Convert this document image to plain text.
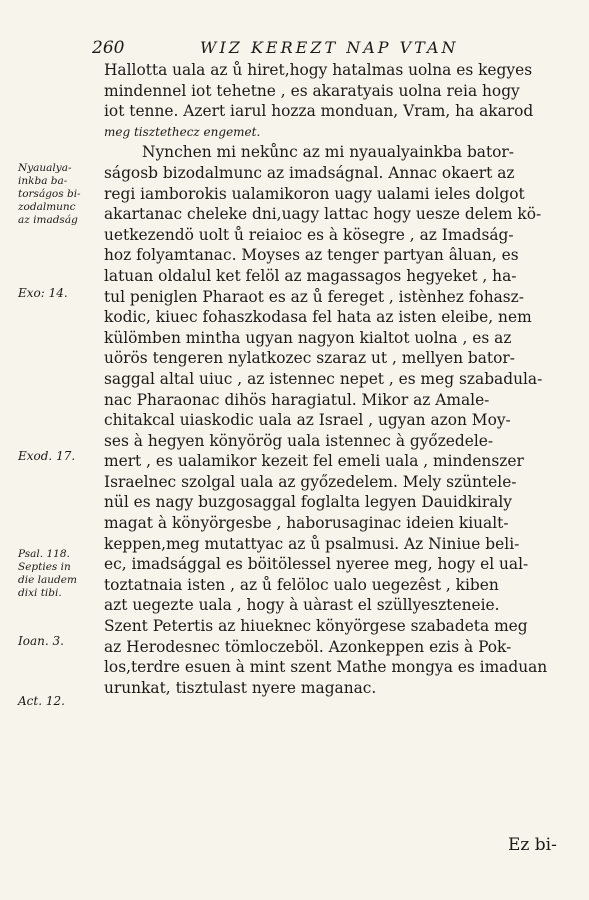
260	WIZ KEREZT NAP VTAN
Hallotta uala az ů hiret,hogy hatalmas uolna es kegyes
mindennel iot tehetne , es akaratyais uolna reia hogy
iot tenne. Azert iarul hozza monduan, Vram, ha akarod
meg tisztethecz engemet.
Nynchen mi nekůnc az mi nyaualyainkba bator-
ságosb bizodalmunc az imadságnal. Annac okaert az
regi iamborokis ualamikoron uagy ualami ieles dolgot
akartanac cheleke dni,uagy lattac hogy uesze delem kö-
uetkezendö uolt ů reiaioc es à kösegre , az Imadság-
hoz folyamtanac. Moyses az tenger partyan âluan, es
latuan oldalul ket felöl az magassagos hegyeket , ha-
tul peniglen Pharaot es az ů fereget , istènhez fohasz-
kodic, kiuec fohaszkodasa fel hata az isten eleibe, nem
külömben mintha ugyan nagyon kialtot uolna , es az
uörös tengeren nylatkozec szaraz ut , mellyen bator-
saggal altal uiuc , az istennec nepet , es meg szabadula-
nac Pharaonac dihös haragiatul. Mikor az Amale-
chitakcal uiaskodic uala az Israel , ugyan azon Moy-
ses à hegyen könyörög uala istennec à győzedele-
mert , es ualamikor kezeit fel emeli uala , mindenszer
Israelnec szolgal uala az győzedelem. Mely szüntele-
nül es nagy buzgosaggal foglalta legyen Dauidkiraly
magat à könyörgesbe , haborusaginac ideien kiualt-
keppen,meg mutattyac az ů psalmusi. Az Niniue beli-
ec, imadsággal es böitölessel nyeree meg, hogy el ual-
toztatnaia isten , az ů felöloc ualo uegezêst , kiben
azt uegezte uala , hogy à uàrast el szüllyeszteneie.
Szent Petertis az hiueknec könyörgese szabadeta meg
az Herodesnec tömloczeböl. Azonkeppen ezis à Pok-
los,terdre esuen à mint szent Mathe mongya es imaduan
urunkat, tisztulast nyere maganac.
Nyaualya-
inkba ba-
torságos bi-
zodalmunc
az imadság
Exo: 14.
Exod. 17.
Psal. 118.
Septies in
die laudem
dixi tibi.
Ioan. 3.
Act. 12.
Ez bi-
